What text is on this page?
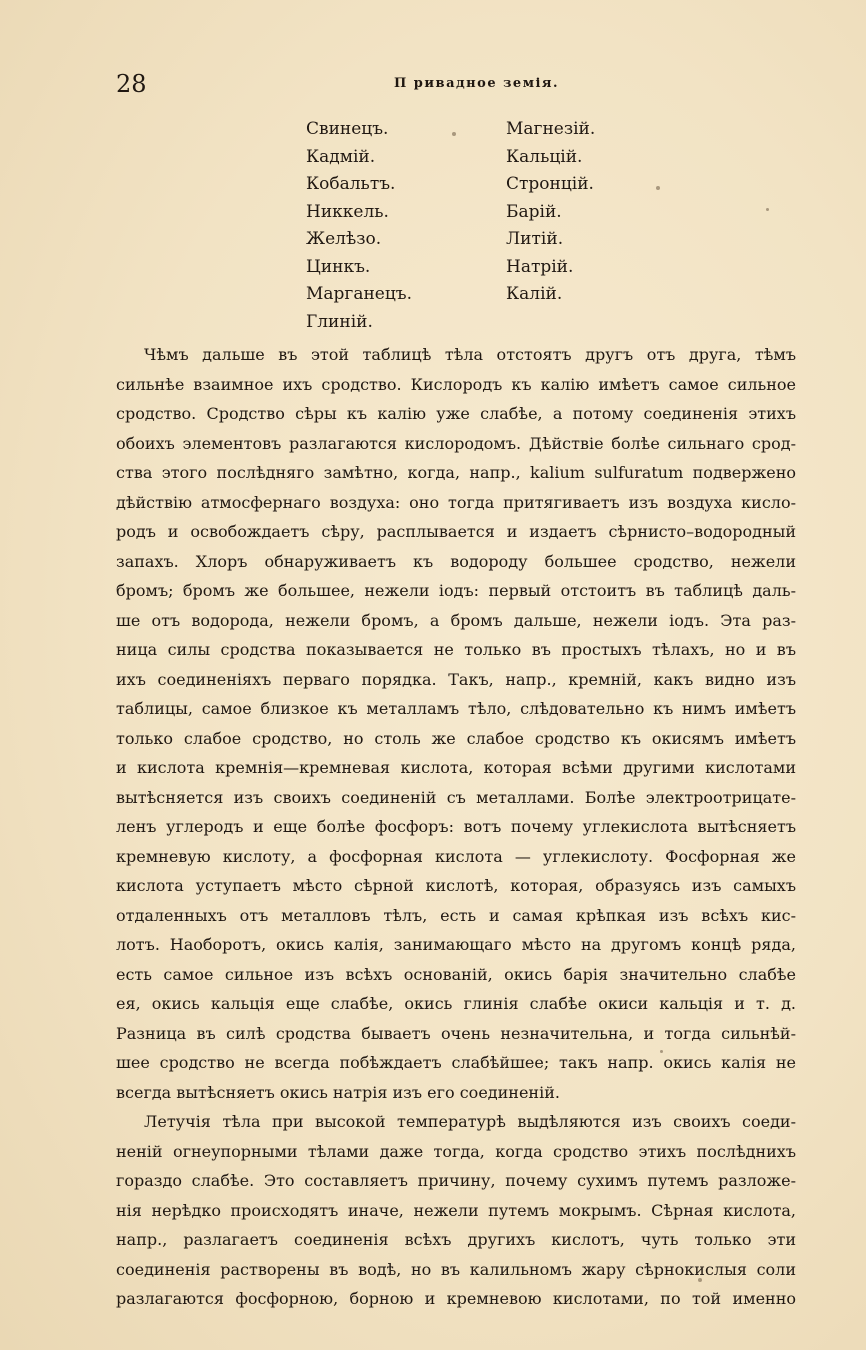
28	П ривадное земія.
Свинецъ.
Кадмій.
Кобальтъ.
Никкель.
Желѣзо.
Цинкъ.
Марганецъ.
Глиній.
Магнезій.
Кальцій.
Стронцій.
Барій.
Литій.
Натрій.
Калій.
Чѣмъ дальше въ этой таблицѣ тѣла отстоятъ другъ отъ друга, тѣмъ
сильнѣе взаимное ихъ сродство. Кислородъ къ калію имѣетъ самое сильное
сродство. Сродство сѣры къ калію уже слабѣе, а потому соединенія этихъ
обоихъ элементовъ разлагаются кислородомъ. Дѣйствіе болѣе сильнаго срод-
ства этого послѣдняго замѣтно, когда, напр., kalium sulfuratum подвержено
дѣйствію атмосфернаго воздуха: оно тогда притягиваетъ изъ воздуха кисло-
родъ и освобождаетъ сѣру, расплывается и издаетъ сѣрнисто–водородный
запахъ. Хлоръ обнаруживаетъ къ водороду большее сродство, нежели
бромъ; бромъ же большее, нежели іодъ: первый отстоитъ въ таблицѣ даль-
ше отъ водорода, нежели бромъ, а бромъ дальше, нежели іодъ. Эта раз-
ница силы сродства показывается не только въ простыхъ тѣлахъ, но и въ
ихъ соединеніяхъ перваго порядка. Такъ, напр., кремній, какъ видно изъ
таблицы, самое близкое къ металламъ тѣло, слѣдовательно къ нимъ имѣетъ
только слабое сродство, но столь же слабое сродство къ окисямъ имѣетъ
и кислота кремнія—кремневая кислота, которая всѣми другими кислотами
вытѣсняется изъ своихъ соединеній съ металлами. Болѣе электроотрицате-
ленъ углеродъ и еще болѣе фосфоръ: вотъ почему углекислота вытѣсняетъ
кремневую кислоту, а фосфорная кислота — углекислоту. Фосфорная же
кислота уступаетъ мѣсто сѣрной кислотѣ, которая, образуясь изъ самыхъ
отдаленныхъ отъ металловъ тѣлъ, есть и самая крѣпкая изъ всѣхъ кис-
лотъ. Наоборотъ, окись калія, занимающаго мѣсто на другомъ концѣ ряда,
есть самое сильное изъ всѣхъ основаній, окись барія значительно слабѣе
ея, окись кальція еще слабѣе, окись глинія слабѣе окиси кальція и т. д.
Разница въ силѣ сродства бываетъ очень незначительна, и тогда сильнѣй-
шее сродство не всегда побѣждаетъ слабѣйшее; такъ напр. окись калія не
всегда вытѣсняетъ окись натрія изъ его соединеній.
Летучія тѣла при высокой температурѣ выдѣляются изъ своихъ соеди-
неній огнеупорными тѣлами даже тогда, когда сродство этихъ послѣднихъ
гораздо слабѣе. Это составляетъ причину, почему сухимъ путемъ разложе-
нія нерѣдко происходятъ иначе, нежели путемъ мокрымъ. Сѣрная кислота,
напр., разлагаетъ соединенія всѣхъ другихъ кислотъ, чуть только эти
соединенія растворены въ водѣ, но въ калильномъ жару сѣрнокислыя соли
разлагаются фосфорною, борною и кремневою кислотами, по той именно
